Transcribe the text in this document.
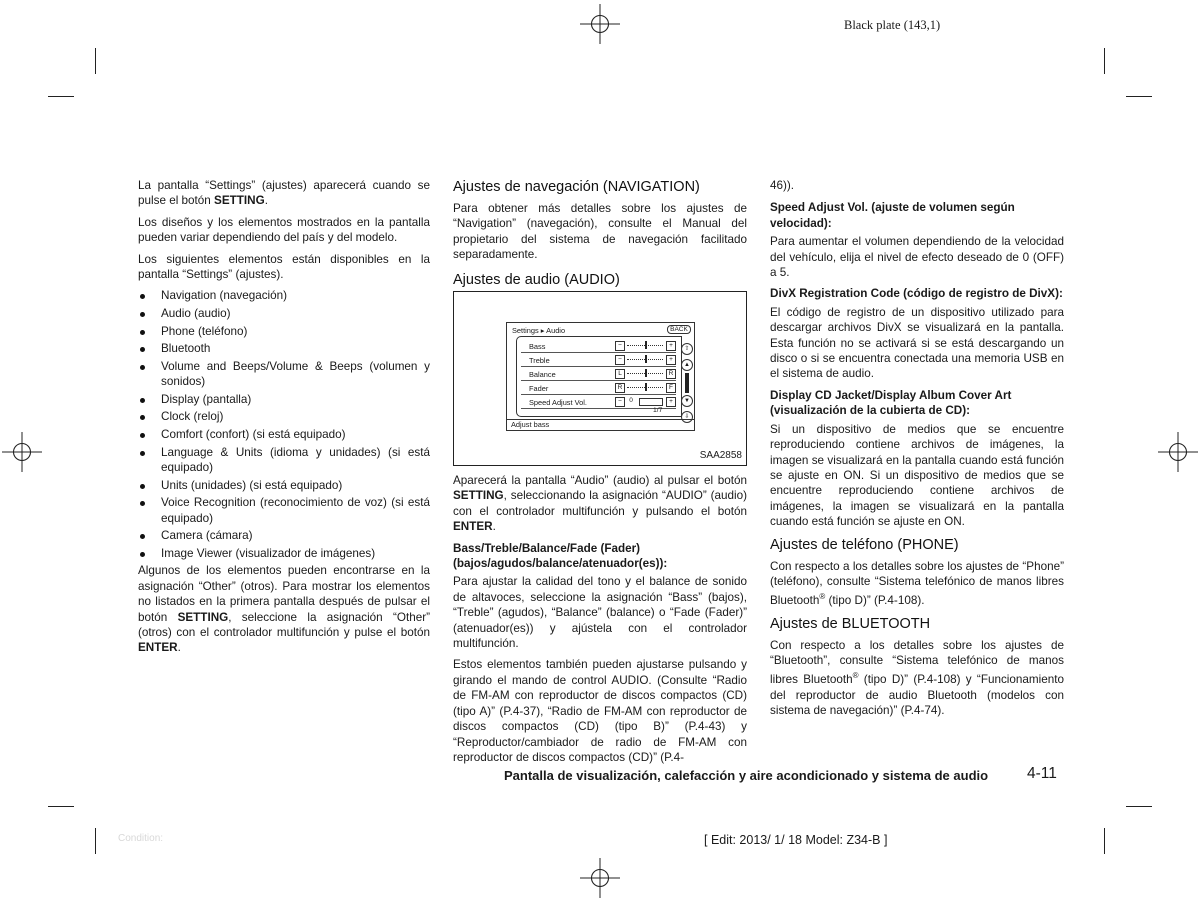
Black plate (143,1)

La pantalla “Settings” (ajustes) aparecerá cuando se pulse el botón SETTING.

Los diseños y los elementos mostrados en la pantalla pueden variar dependiendo del país y del modelo.

Los siguientes elementos están disponibles en la pantalla “Settings” (ajustes).

Navigation (navegación)
Audio (audio)
Phone (teléfono)
Bluetooth
Volume and Beeps/Volume & Beeps (volumen y sonidos)
Display (pantalla)
Clock (reloj)
Comfort (confort) (si está equipado)
Language & Units (idioma y unidades) (si está equipado)
Units (unidades) (si está equipado)
Voice Recognition (reconocimiento de voz) (si está equipado)
Camera (cámara)
Image Viewer (visualizador de imágenes)

Algunos de los elementos pueden encontrarse en la asignación “Other” (otros). Para mostrar los elementos no listados en la primera pantalla después de pulsar el botón SETTING, seleccione la asignación “Other” (otros) con el controlador multifunción y pulse el botón ENTER.

Ajustes de navegación (NAVIGATION)

Para obtener más detalles sobre los ajustes de “Navigation” (navegación), consulte el Manual del propietario del sistema de navegación facilitado separadamente.

Ajustes de audio (AUDIO)
Settings ▸ Audio	BACK
Bass	−	+
Treble	−	+
Balance	L	R
Fader	R	F
Speed Adjust Vol.	−	0	+
1/7
⇧
▲
▼
⇩
Adjust bass
SAA2858

Aparecerá la pantalla “Audio” (audio) al pulsar el botón SETTING, seleccionando la asignación “AUDIO” (audio) con el controlador multifunción y pulsando el botón ENTER.

Bass/Treble/Balance/Fade (Fader) (bajos/agudos/balance/atenuador(es)):

Para ajustar la calidad del tono y el balance de sonido de altavoces, seleccione la asignación “Bass” (bajos), “Treble” (agudos), “Balance” (balance) o “Fade (Fader)” (atenuador(es)) y ajústela con el controlador multifunción.

Estos elementos también pueden ajustarse pulsando y girando el mando de control AUDIO. (Consulte “Radio de FM-AM con reproductor de discos compactos (CD) (tipo A)” (P.4-37), “Radio de FM-AM con reproductor de discos compactos (CD) (tipo B)” (P.4-43) y “Reproductor/cambiador de radio de FM-AM con reproductor de discos compactos (CD)” (P.4-

46)).

Speed Adjust Vol. (ajuste de volumen según velocidad):

Para aumentar el volumen dependiendo de la velocidad del vehículo, elija el nivel de efecto deseado de 0 (OFF) a 5.

DivX Registration Code (código de registro de DivX):

El código de registro de un dispositivo utilizado para descargar archivos DivX se visualizará en la pantalla. Esta función no se activará si se está descargando un disco o si se encuentra conectada una memoria USB en el sistema de audio.

Display CD Jacket/Display Album Cover Art (visualización de la cubierta de CD):

Si un dispositivo de medios que se encuentre reproduciendo contiene archivos de imágenes, la imagen se visualizará en la pantalla cuando está función se ajuste en ON. Si un dispositivo de medios que se encuentre reproduciendo contiene archivos de imágenes, la imagen se visualizará en la pantalla cuando está función se ajuste en ON.

Ajustes de teléfono (PHONE)

Con respecto a los detalles sobre los ajustes de “Phone” (teléfono), consulte “Sistema telefónico de manos libres Bluetooth® (tipo D)” (P.4-108).

Ajustes de BLUETOOTH

Con respecto a los detalles sobre los ajustes de “Bluetooth”, consulte “Sistema telefónico de manos libres Bluetooth® (tipo D)” (P.4-108) y “Funcionamiento del reproductor de audio Bluetooth (modelos con sistema de navegación)” (P.4-74).

Pantalla de visualización, calefacción y aire acondicionado y sistema de audio	4-11
[ Edit: 2013/ 1/ 18 Model: Z34-B ]
Condition:
